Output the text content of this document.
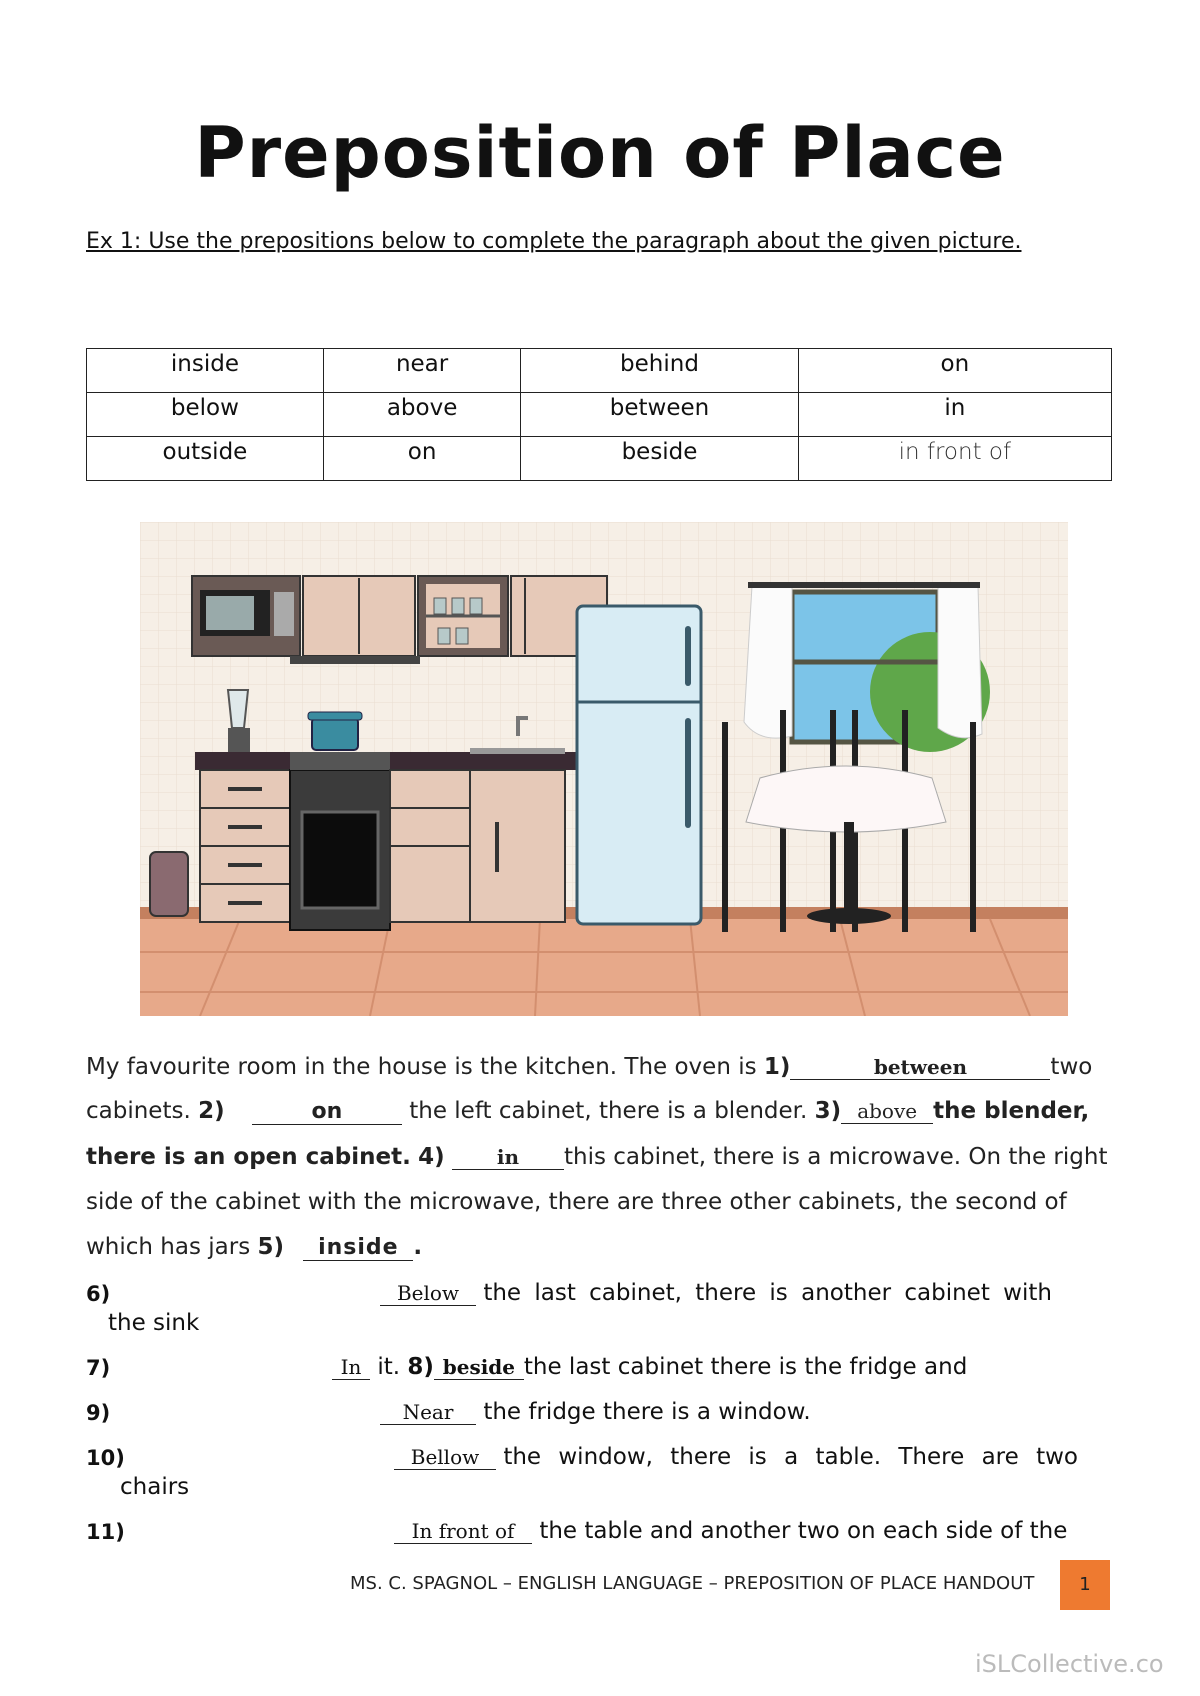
Preposition of Place
Ex 1: Use the prepositions below to complete the paragraph about the given picture.
inside	near	behind	on
below	above	between	in
outside	on	beside	in front of
My favourite room in the house is the kitchen. The oven is 1)	between	two
cabinets. 2)	on	the left cabinet, there is a blender. 3) above the blender,
there is an open cabinet. 4)	in this cabinet, there is a microwave. On the right
side of the cabinet with the microwave, there are three other cabinets, the second of
which has jars 5) inside .
6)	Below the last cabinet, there is another cabinet with
the sink
7)	In it. 8) beside the last cabinet there is the fridge and
9)	Near the fridge there is a window.
10)	Bellow the window, there is a table. There are two
chairs
11)	In front of the table and another two on each side of the
MS. C. SPAGNOL – ENGLISH LANGUAGE – PREPOSITION OF PLACE HANDOUT	1
iSLCollective.co
